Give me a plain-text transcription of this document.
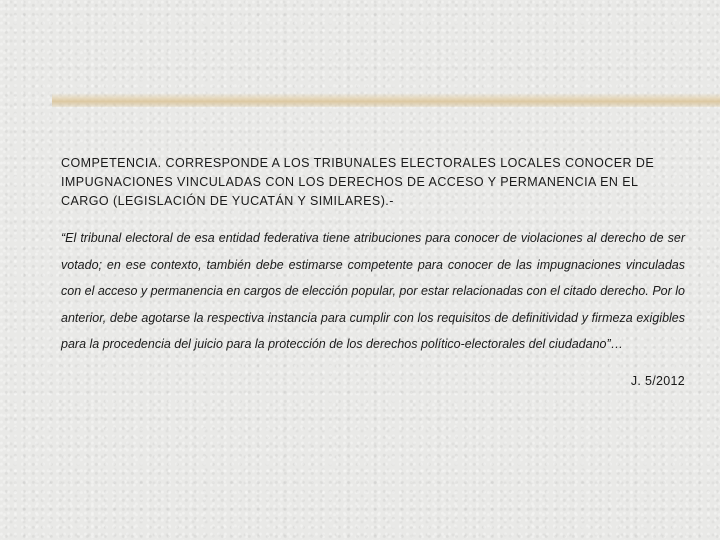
COMPETENCIA. CORRESPONDE A LOS TRIBUNALES ELECTORALES LOCALES CONOCER DE IMPUGNACIONES VINCULADAS CON LOS DERECHOS DE ACCESO Y PERMANENCIA EN EL CARGO (LEGISLACIÓN DE YUCATÁN Y SIMILARES).-

“El tribunal electoral de esa entidad federativa tiene atribuciones para conocer de violaciones al derecho de ser votado; en ese contexto, también debe estimarse competente para conocer de las impugnaciones vinculadas con el acceso y permanencia en cargos de elección popular, por estar relacionadas con el citado derecho. Por lo anterior, debe agotarse la respectiva instancia para cumplir con los requisitos de definitividad y firmeza exigibles para la procedencia del juicio para la protección de los derechos político-electorales del ciudadano”…

J. 5/2012
